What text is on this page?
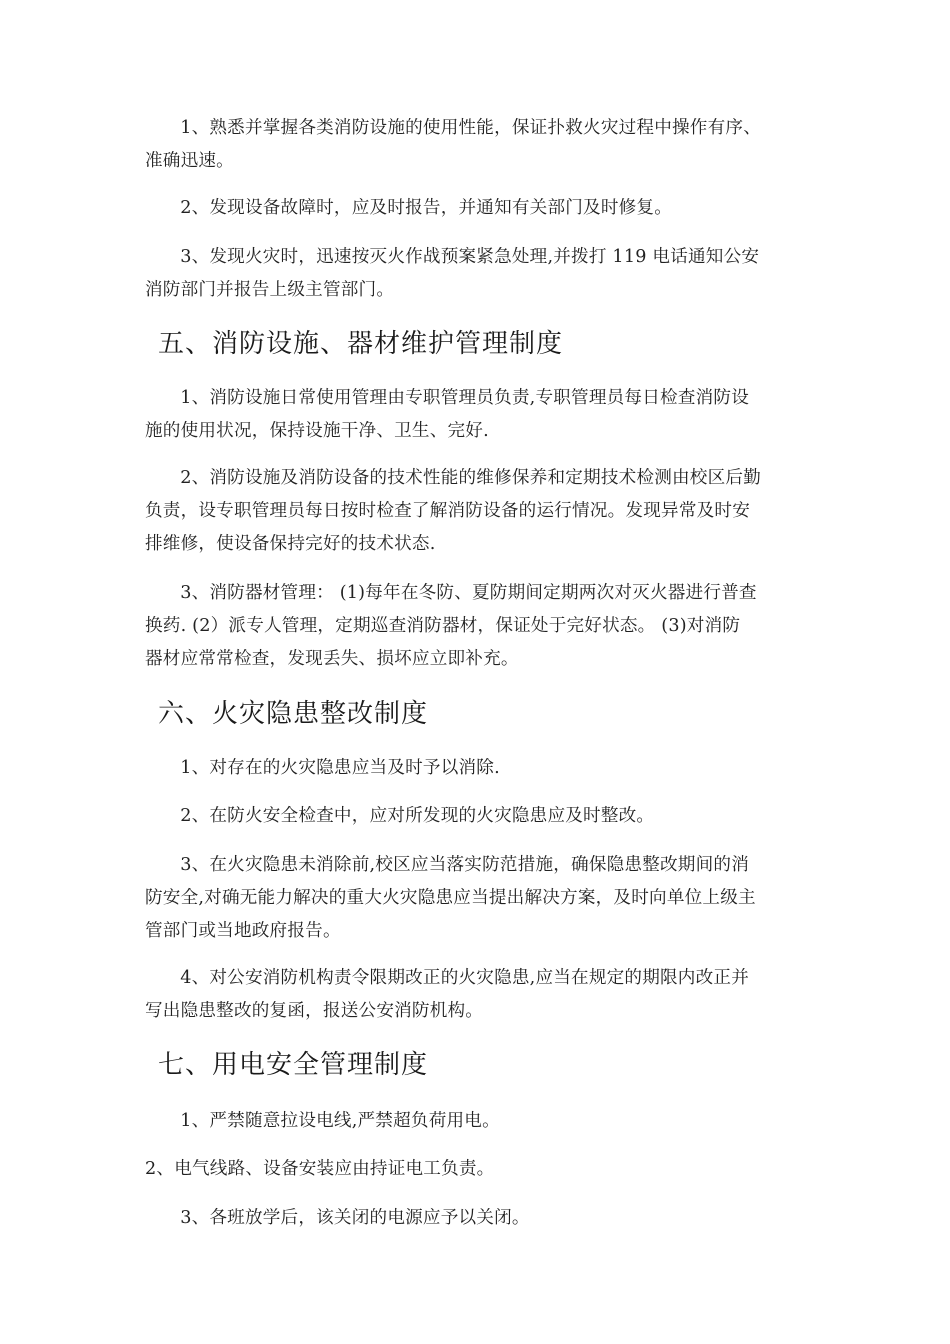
1、熟悉并掌握各类消防设施的使用性能，保证扑救火灾过程中操作有序、
准确迅速。

2、发现设备故障时，应及时报告，并通知有关部门及时修复。

3、发现火灾时，迅速按灭火作战预案紧急处理,并拨打 119 电话通知公安
消防部门并报告上级主管部门。

五、消防设施、器材维护管理制度

1、消防设施日常使用管理由专职管理员负责,专职管理员每日检查消防设
施的使用状况，保持设施干净、卫生、完好.

2、消防设施及消防设备的技术性能的维修保养和定期技术检测由校区后勤
负责，设专职管理员每日按时检查了解消防设备的运行情况。发现异常及时安
排维修，使设备保持完好的技术状态.

3、消防器材管理： (1)每年在冬防、夏防期间定期两次对灭火器进行普查
换药. (2）派专人管理，定期巡查消防器材，保证处于完好状态。 (3)对消防
器材应常常检查，发现丢失、损坏应立即补充。

六、火灾隐患整改制度

1、对存在的火灾隐患应当及时予以消除.

2、在防火安全检查中，应对所发现的火灾隐患应及时整改。

3、在火灾隐患未消除前,校区应当落实防范措施，确保隐患整改期间的消
防安全,对确无能力解决的重大火灾隐患应当提出解决方案，及时向单位上级主
管部门或当地政府报告。

4、对公安消防机构责令限期改正的火灾隐患,应当在规定的期限内改正并
写出隐患整改的复函，报送公安消防机构。

七、用电安全管理制度

1、严禁随意拉设电线,严禁超负荷用电。

2、电气线路、设备安装应由持证电工负责。

3、各班放学后，该关闭的电源应予以关闭。
